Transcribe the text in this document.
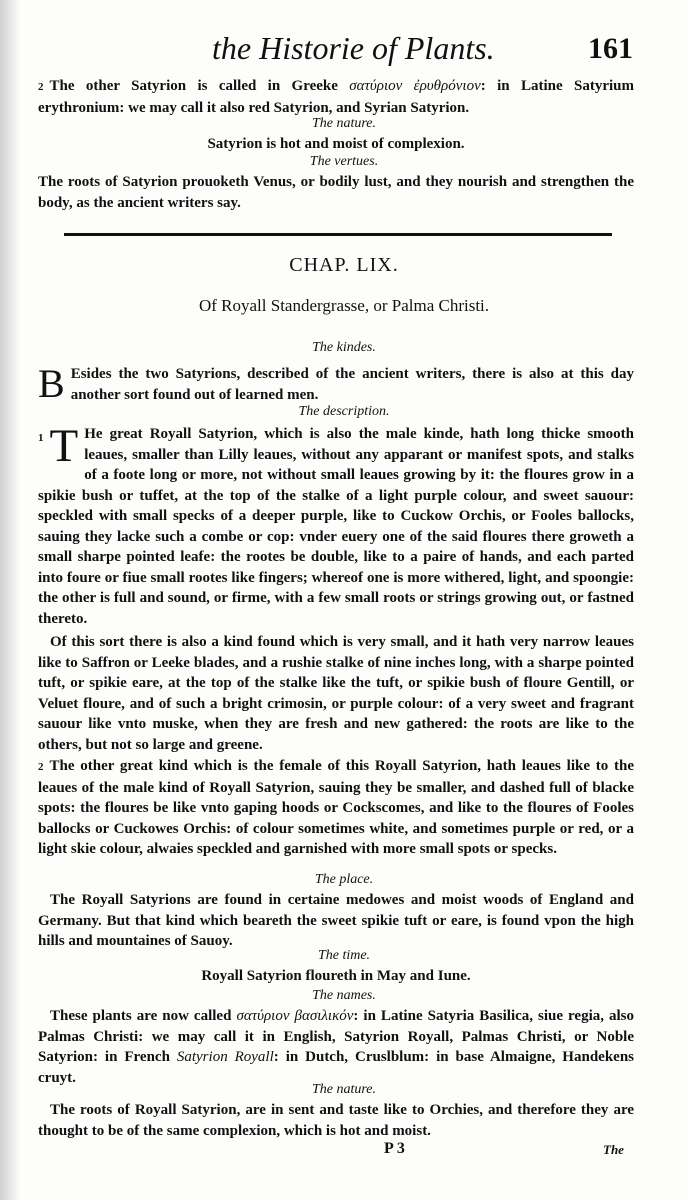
the Historie of Plants.	161
2 The other Satyrion is called in Greeke σατύριον ἐρυθρόνιον: in Latine Satyrium erythronium: we may call it also red Satyrion, and Syrian Satyrion.
The nature.
Satyrion is hot and moist of complexion.
The vertues.
The roots of Satyrion prouoketh Venus, or bodily lust, and they nourish and strengthen the body, as the ancient writers say.
CHAP. LIX.
Of Royall Standergrasse, or Palma Christi.
The kindes.
B Esides the two Satyrions, described of the ancient writers, there is also at this day another sort found out of learned men.
The description.
1 T He great Royall Satyrion, which is also the male kinde, hath long thicke smooth leaues, smaller than Lilly leaues, without any apparant or manifest spots, and stalks of a foote long or more, not without small leaues growing by it: the floures grow in a spikie bush or tuffet, at the top of the stalke of a light purple colour, and sweet sauour: speckled with small specks of a deeper purple, like to Cuckow Orchis, or Fooles ballocks, sauing they lacke such a combe or cop: vnder euery one of the said floures there groweth a small sharpe pointed leafe: the rootes be double, like to a paire of hands, and each parted into foure or fiue small rootes like fingers; whereof one is more withered, light, and spoongie: the other is full and sound, or firme, with a few small roots or strings growing out, or fastned thereto.
Of this sort there is also a kind found which is very small, and it hath very narrow leaues like to Saffron or Leeke blades, and a rushie stalke of nine inches long, with a sharpe pointed tuft, or spikie eare, at the top of the stalke like the tuft, or spikie bush of floure Gentill, or Veluet floure, and of such a bright crimosin, or purple colour: of a very sweet and fragrant sauour like vnto muske, when they are fresh and new gathered: the roots are like to the others, but not so large and greene.
2 The other great kind which is the female of this Royall Satyrion, hath leaues like to the leaues of the male kind of Royall Satyrion, sauing they be smaller, and dashed full of blacke spots: the floures be like vnto gaping hoods or Cockscomes, and like to the floures of Fooles ballocks or Cuckowes Orchis: of colour sometimes white, and sometimes purple or red, or a light skie colour, alwaies speckled and garnished with more small spots or specks.
The place.
The Royall Satyrions are found in certaine medowes and moist woods of England and Germany. But that kind which beareth the sweet spikie tuft or eare, is found vpon the high hills and mountaines of Sauoy.
The time.
Royall Satyrion floureth in May and Iune.
The names.
These plants are now called σατύριον βασιλικόν: in Latine Satyria Basilica, siue regia, also Palmas Christi: we may call it in English, Satyrion Royall, Palmas Christi, or Noble Satyrion: in French Satyrion Royall: in Dutch, Cruslblum: in base Almaigne, Handekens cruyt.
The nature.
The roots of Royall Satyrion, are in sent and taste like to Orchies, and therefore they are thought to be of the same complexion, which is hot and moist.
P 3	The
